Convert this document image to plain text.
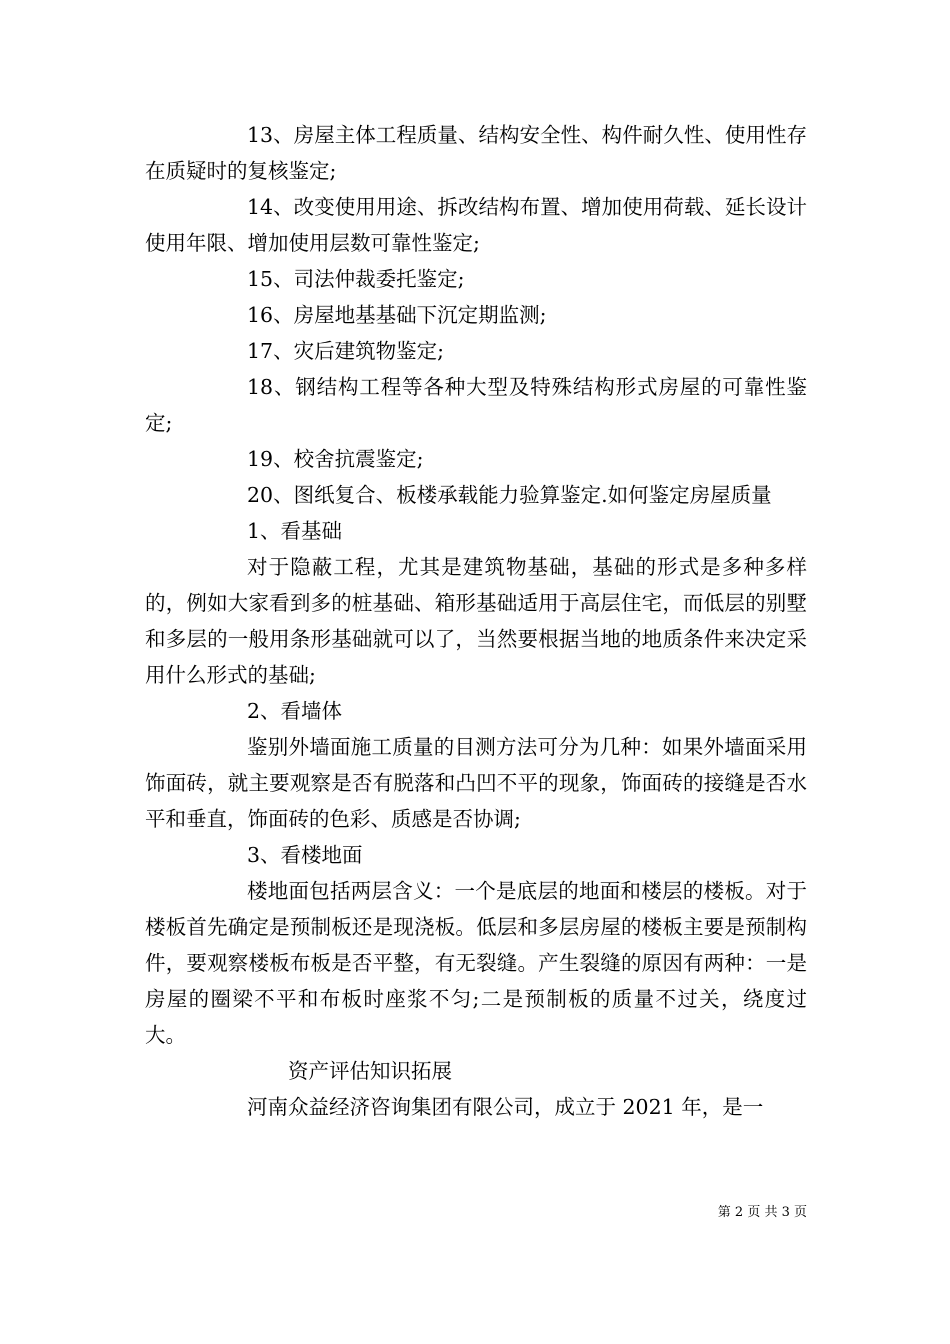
13、房屋主体工程质量、结构安全性、构件耐久性、使用性存在质疑时的复核鉴定;

14、改变使用用途、拆改结构布置、增加使用荷载、延长设计使用年限、增加使用层数可靠性鉴定;

15、司法仲裁委托鉴定;

16、房屋地基基础下沉定期监测;

17、灾后建筑物鉴定;

18、钢结构工程等各种大型及特殊结构形式房屋的可靠性鉴定;

19、校舍抗震鉴定;

20、图纸复合、板楼承载能力验算鉴定.如何鉴定房屋质量

1、看基础

对于隐蔽工程，尤其是建筑物基础，基础的形式是多种多样的，例如大家看到多的桩基础、箱形基础适用于高层住宅，而低层的别墅和多层的一般用条形基础就可以了，当然要根据当地的地质条件来决定采用什么形式的基础;

2、看墙体

鉴别外墙面施工质量的目测方法可分为几种：如果外墙面采用饰面砖，就主要观察是否有脱落和凸凹不平的现象，饰面砖的接缝是否水平和垂直，饰面砖的色彩、质感是否协调;

3、看楼地面

楼地面包括两层含义：一个是底层的地面和楼层的楼板。对于楼板首先确定是预制板还是现浇板。低层和多层房屋的楼板主要是预制构件，要观察楼板布板是否平整，有无裂缝。产生裂缝的原因有两种：一是房屋的圈梁不平和布板时座浆不匀;二是预制板的质量不过关，绕度过大。

资产评估知识拓展

河南众益经济咨询集团有限公司，成立于 2021 年，是一

第 2 页 共 3 页
